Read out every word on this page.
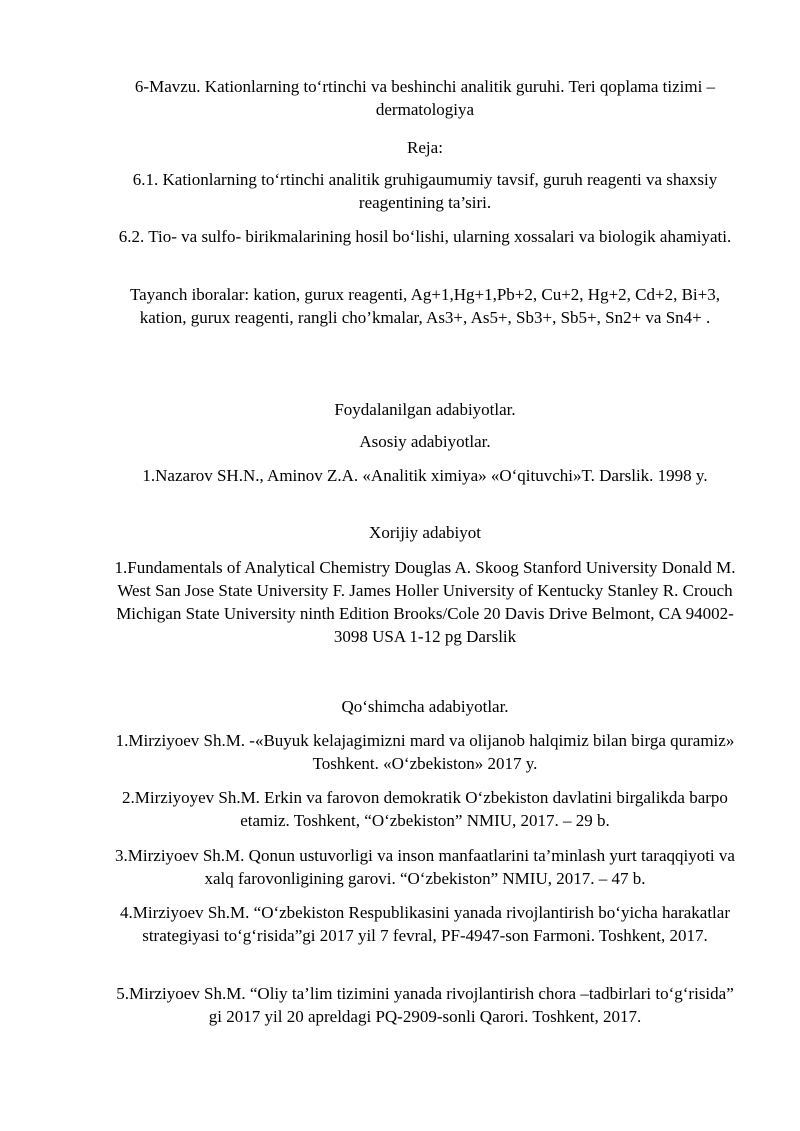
6-Mavzu. Kationlarning to‘rtinchi va beshinchi analitik guruhi. Teri qoplama tizimi – dermatologiya

Reja:

6.1. Kationlarning to‘rtinchi analitik gruhigaumumiy tavsif, guruh reagenti va shaxsiy reagentining ta’siri.

6.2. Tio- va sulfo- birikmalarining hosil bo‘lishi, ularning xossalari va biologik ahamiyati.

Tayanch iboralar: kation, gurux reagenti, Ag+1,Hg+1,Pb+2, Cu+2, Hg+2, Cd+2, Bi+3, kation, gurux reagenti, rangli cho’kmalar, As3+, As5+, Sb3+, Sb5+, Sn2+ va Sn4+ .

Foydalanilgan adabiyotlar.

Asosiy adabiyotlar.

1.Nazarov SH.N., Aminov Z.A. «Analitik ximiya» «O‘qituvchi»T. Darslik. 1998 y.

Xorijiy adabiyot

1.Fundamentals of Analytical Chemistry Douglas A. Skoog Stanford University Donald M. West San Jose State University F. James Holler University of Kentucky Stanley R. Crouch Michigan State University ninth Edition Brooks/Cole 20 Davis Drive Belmont, CA 94002-3098 USA 1-12 pg Darslik

Qo‘shimcha adabiyotlar.

1.Mirziyoev Sh.M. -«Buyuk kelajagimizni mard va olijanob halqimiz bilan birga quramiz» Toshkent. «O‘zbekiston» 2017 y.

2.Mirziyoyev Sh.M. Erkin va farovon demokratik O‘zbekiston davlatini birgalikda barpo etamiz. Toshkent, “O‘zbekiston” NMIU, 2017. – 29 b.

3.Mirziyoev Sh.M. Qonun ustuvorligi va inson manfaatlarini ta’minlash yurt taraqqiyoti va xalq farovonligining garovi. “O‘zbekiston” NMIU, 2017. – 47 b.

4.Mirziyoev Sh.M. “O‘zbekiston Respublikasini yanada rivojlantirish bo‘yicha harakatlar strategiyasi to‘g‘risida”gi 2017 yil 7 fevral, PF-4947-son Farmoni. Toshkent, 2017.

5.Mirziyoev Sh.M. “Oliy ta’lim tizimini yanada rivojlantirish chora –tadbirlari to‘g‘risida” gi 2017 yil 20 apreldagi PQ-2909-sonli Qarori. Toshkent, 2017.
